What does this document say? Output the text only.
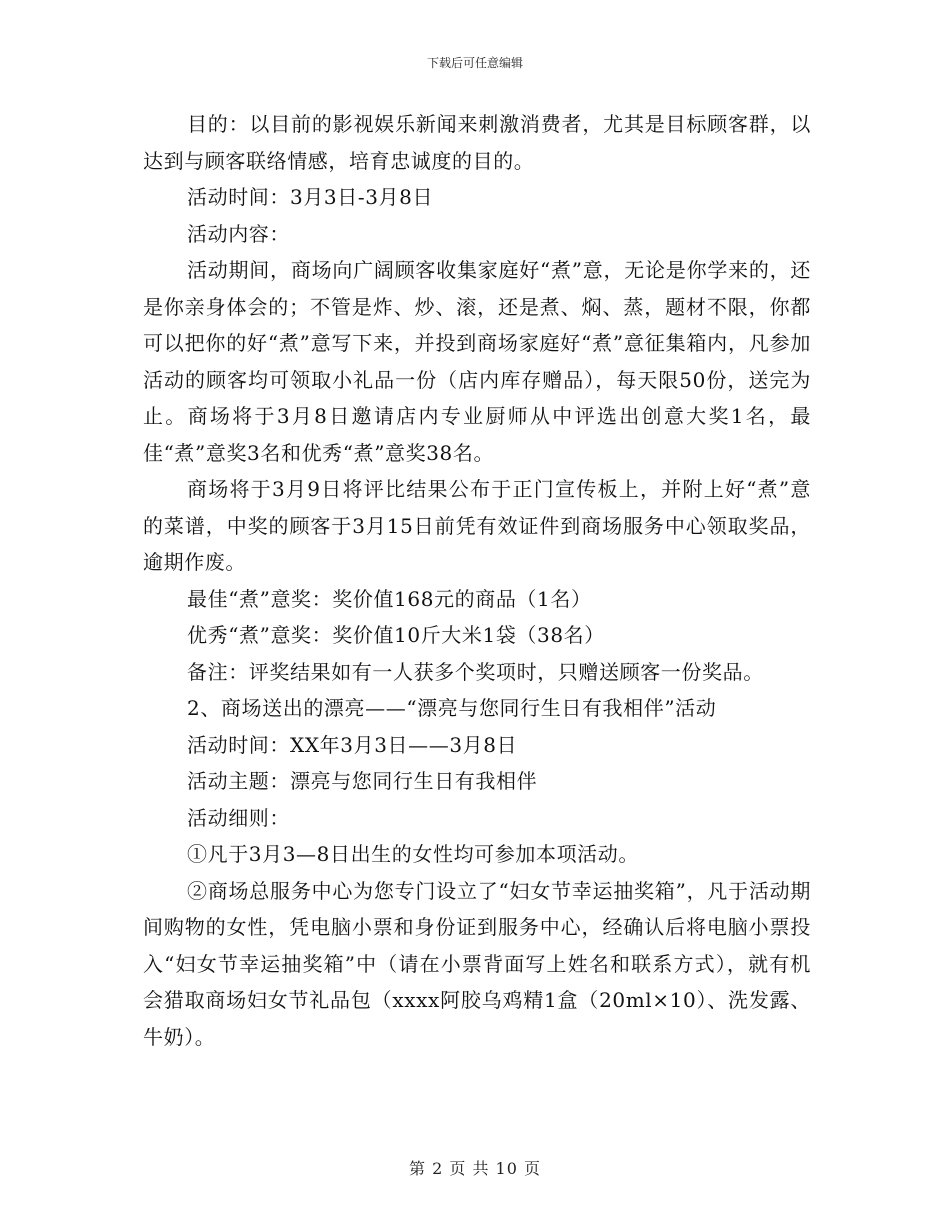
下载后可任意编辑

目的：以目前的影视娱乐新闻来刺激消费者，尤其是目标顾客群，以达到与顾客联络情感，培育忠诚度的目的。

活动时间：3月3日-3月8日

活动内容：

活动期间，商场向广阔顾客收集家庭好“煮”意，无论是你学来的，还是你亲身体会的；不管是炸、炒、滚，还是煮、焖、蒸，题材不限，你都可以把你的好“煮”意写下来，并投到商场家庭好“煮”意征集箱内，凡参加活动的顾客均可领取小礼品一份（店内库存赠品），每天限50份，送完为止。商场将于3月8日邀请店内专业厨师从中评选出创意大奖1名，最佳“煮”意奖3名和优秀“煮”意奖38名。

商场将于3月9日将评比结果公布于正门宣传板上，并附上好“煮”意的菜谱，中奖的顾客于3月15日前凭有效证件到商场服务中心领取奖品，逾期作废。

最佳“煮”意奖：奖价值168元的商品（1名）

优秀“煮”意奖：奖价值10斤大米1袋（38名）

备注：评奖结果如有一人获多个奖项时，只赠送顾客一份奖品。

2、商场送出的漂亮——“漂亮与您同行生日有我相伴”活动

活动时间：XX年3月3日——3月8日

活动主题：漂亮与您同行生日有我相伴

活动细则：

①凡于3月3—8日出生的女性均可参加本项活动。

②商场总服务中心为您专门设立了“妇女节幸运抽奖箱”，凡于活动期间购物的女性，凭电脑小票和身份证到服务中心，经确认后将电脑小票投入“妇女节幸运抽奖箱”中（请在小票背面写上姓名和联系方式），就有机会猎取商场妇女节礼品包（xxxx阿胶乌鸡精1盒（20ml×10）、洗发露、牛奶）。

第 2 页 共 10 页
